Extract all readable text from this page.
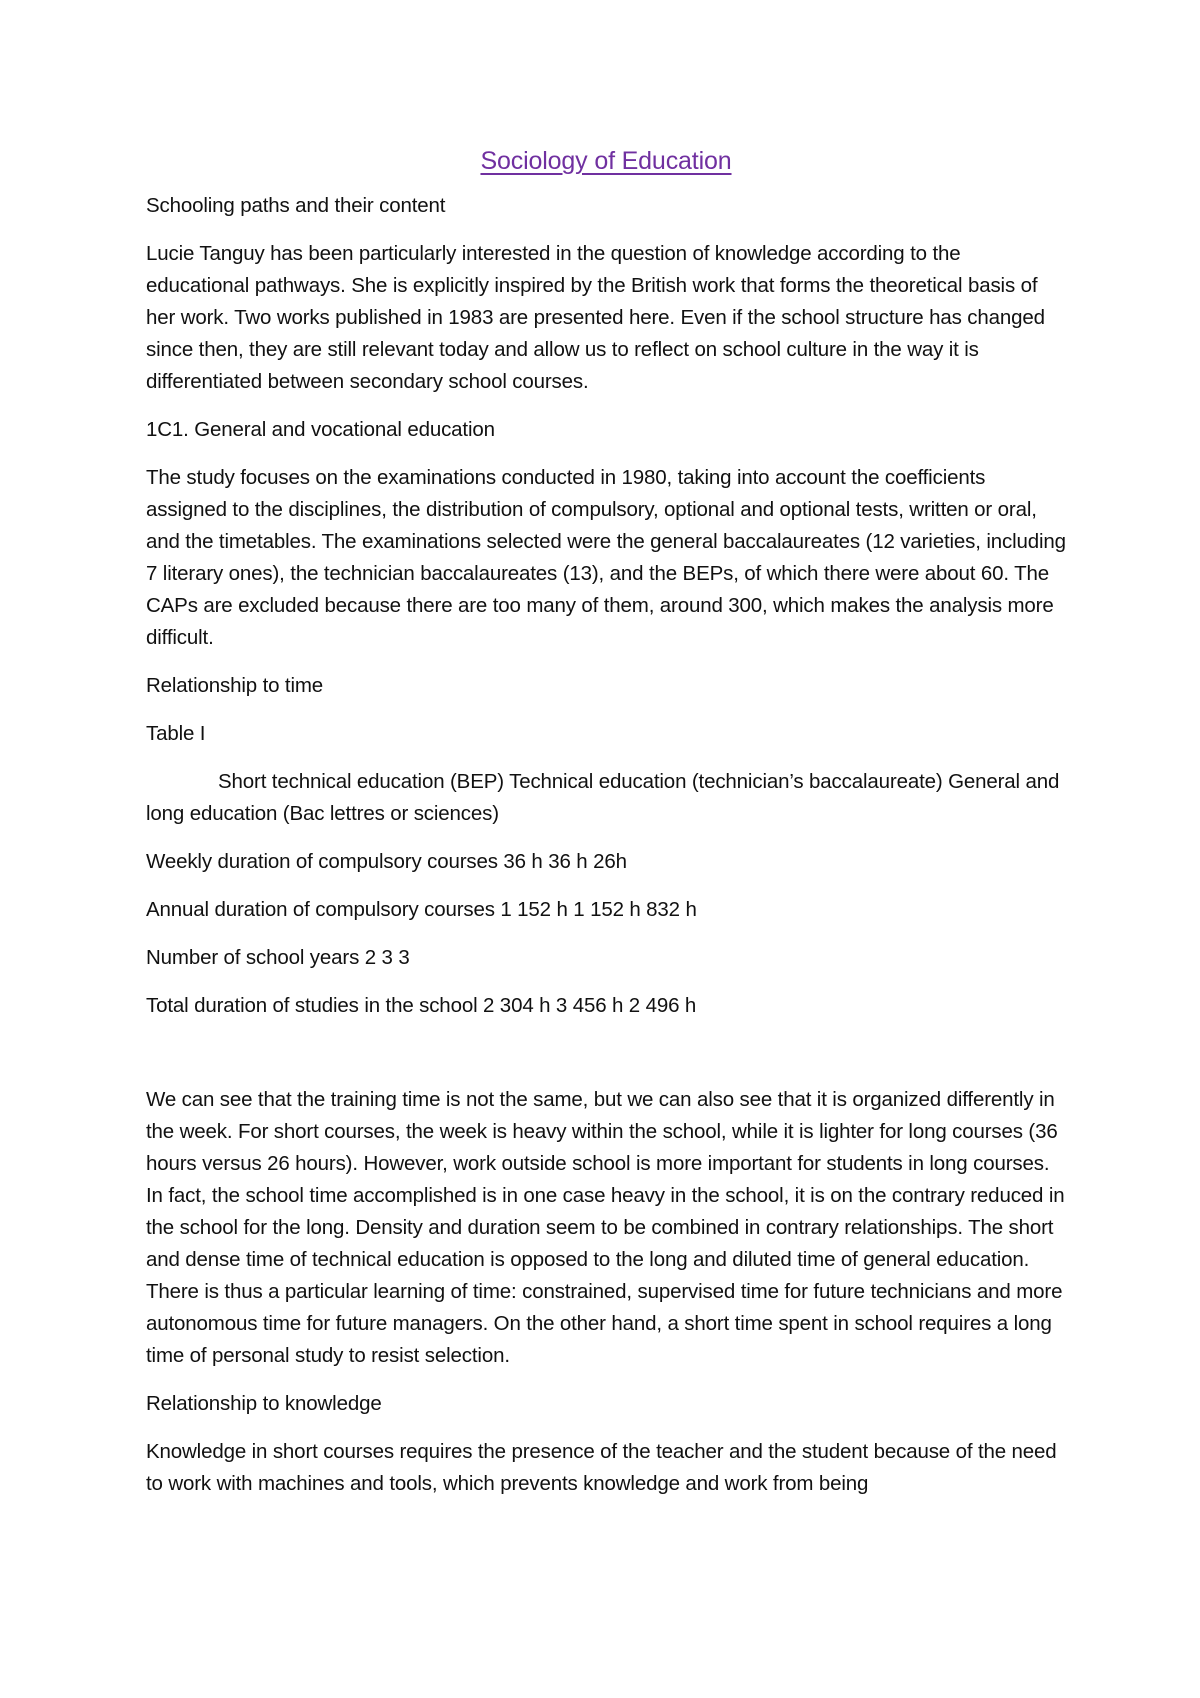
Sociology of Education

Schooling paths and their content

Lucie Tanguy has been particularly interested in the question of knowledge according to the educational pathways. She is explicitly inspired by the British work that forms the theoretical basis of her work. Two works published in 1983 are presented here. Even if the school structure has changed since then, they are still relevant today and allow us to reflect on school culture in the way it is differentiated between secondary school courses.

1C1. General and vocational education

The study focuses on the examinations conducted in 1980, taking into account the coefficients assigned to the disciplines, the distribution of compulsory, optional and optional tests, written or oral, and the timetables. The examinations selected were the general baccalaureates (12 varieties, including 7 literary ones), the technician baccalaureates (13), and the BEPs, of which there were about 60. The CAPs are excluded because there are too many of them, around 300, which makes the analysis more difficult.

Relationship to time

Table I

Short technical education (BEP) Technical education (technician’s baccalaureate) General and long education (Bac lettres or sciences)

Weekly duration of compulsory courses 36 h 36 h 26h

Annual duration of compulsory courses 1 152 h 1 152 h 832 h

Number of school years 2 3 3

Total duration of studies in the school 2 304 h 3 456 h 2 496 h

We can see that the training time is not the same, but we can also see that it is organized differently in the week. For short courses, the week is heavy within the school, while it is lighter for long courses (36 hours versus 26 hours). However, work outside school is more important for students in long courses. In fact, the school time accomplished is in one case heavy in the school, it is on the contrary reduced in the school for the long. Density and duration seem to be combined in contrary relationships. The short and dense time of technical education is opposed to the long and diluted time of general education. There is thus a particular learning of time: constrained, supervised time for future technicians and more autonomous time for future managers. On the other hand, a short time spent in school requires a long time of personal study to resist selection.

Relationship to knowledge

Knowledge in short courses requires the presence of the teacher and the student because of the need to work with machines and tools, which prevents knowledge and work from being
